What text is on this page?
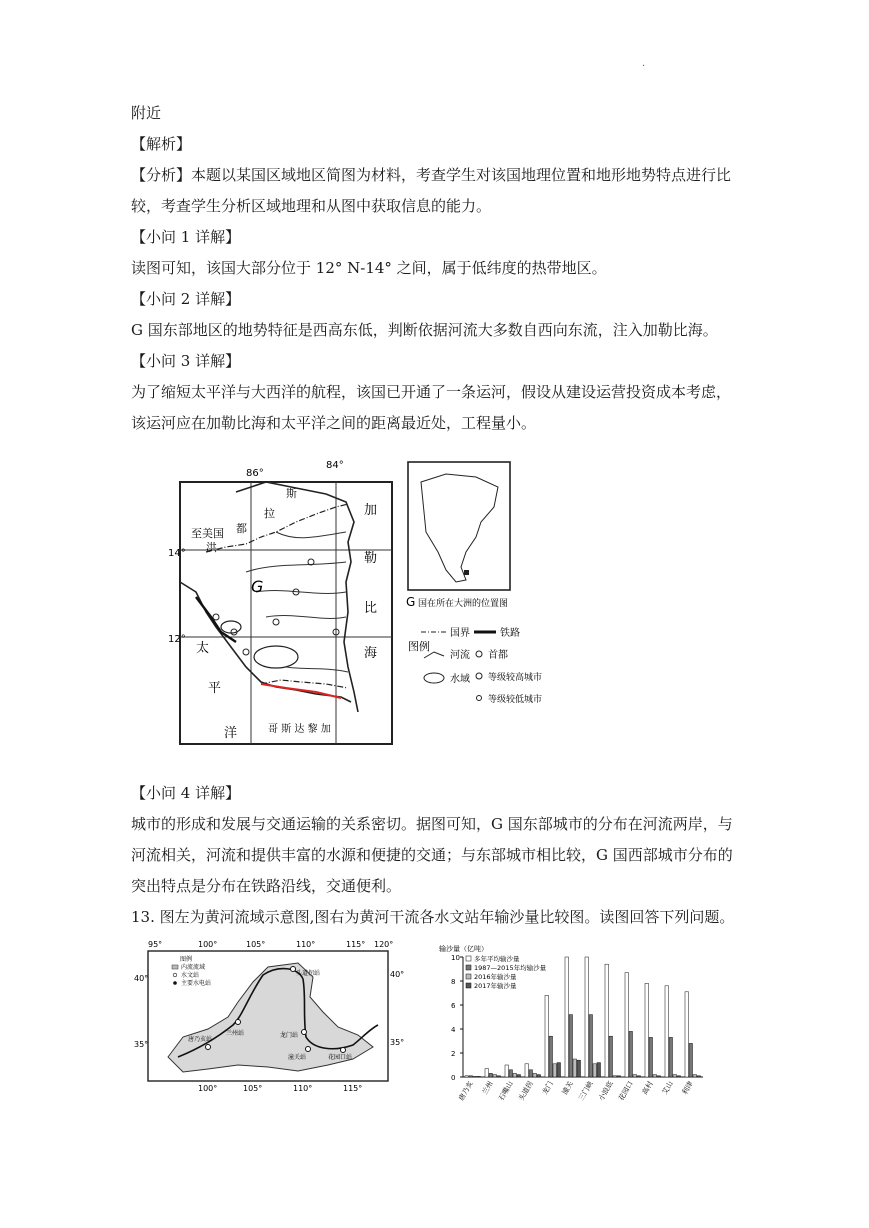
.
附近
【解析】
【分析】本题以某国区域地区简图为材料，考查学生对该国地理位置和地形地势特点进行比
较，考查学生分析区域地理和从图中获取信息的能力。
【小问 1 详解】
读图可知，该国大部分位于 12° N-14° 之间，属于低纬度的热带地区。
【小问 2 详解】
G 国东部地区的地势特征是西高东低，判断依据河流大多数自西向东流，注入加勒比海。
【小问 3 详解】
为了缩短太平洋与大西洋的航程，该国已开通了一条运河，假设从建设运营投资成本考虑，
该运河应在加勒比海和太平洋之间的距离最近处，工程量小。
86°
84°
14°
12°
G
至美国
洪
都
斯
拉	加
勒
比
海
太
平
洋	哥 斯 达 黎 加
G 国在所在大洲的位置图
图例
国界	铁路
河流 首都
水域 等级较高城市
等级较低城市
【小问 4 详解】
城市的形成和发展与交通运输的关系密切。据图可知，G 国东部城市的分布在河流两岸，与
河流相关，河流和提供丰富的水源和便捷的交通；与东部城市相比较，G 国西部城市分布的
突出特点是分布在铁路沿线，交通便利。
13. 图左为黄河流域示意图,图右为黄河干流各水文站年输沙量比较图。读图回答下列问题。
95°	100°	105°	110°	115° 120°
100°	105°	110°	115°
40°
35°
40°
35°
唐乃亥站
兰州站
头道拐站
龙门站
潼关站	花园口站
图例
内流流域
水文站
主要水电站
输沙量（亿吨）
0
2
4
6
8
10
唐乃亥 兰州 石嘴山 头道拐 龙门 潼关 三门峡 小浪底 花园口 高村 艾山 利津
多年平均输沙量
1987—2015年均输沙量
2016年输沙量
2017年输沙量
